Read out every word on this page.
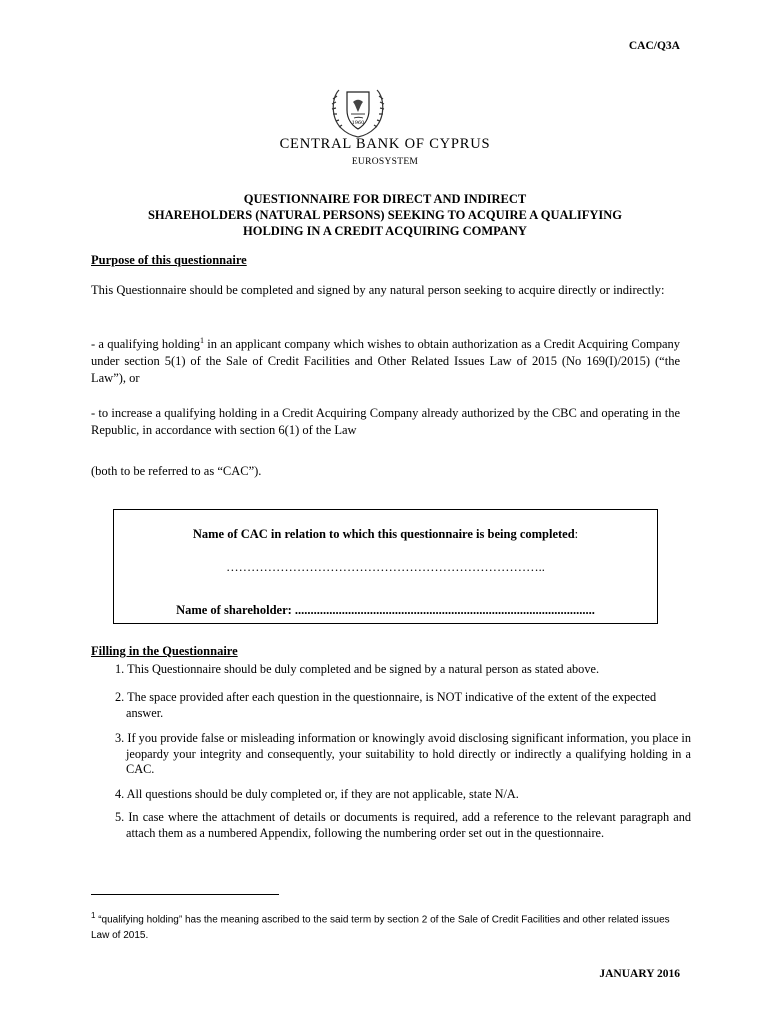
CAC/Q3A
1960
CENTRAL BANK OF CYPRUS
EUROSYSTEM
QUESTIONNAIRE FOR DIRECT AND INDIRECT
SHAREHOLDERS (NATURAL PERSONS) SEEKING TO ACQUIRE A QUALIFYING
HOLDING IN A CREDIT ACQUIRING COMPANY
Purpose of this questionnaire
This Questionnaire should be completed and signed by any natural person seeking to acquire directly or indirectly:
- a qualifying holding$^1$ in an applicant company which wishes to obtain authorization as a Credit Acquiring Company under section 5(1) of the Sale of Credit Facilities and Other Related Issues Law of 2015 (No 169(I)/2015) (“the Law”), or
- to increase a qualifying holding in a Credit Acquiring Company already authorized by the CBC and operating in the Republic, in accordance with section 6(1) of the Law
(both to be referred to as “CAC”).
Name of CAC in relation to which this questionnaire is being completed:
…………………………………………………………………..
Name of shareholder: ................................................................................................
Filling in the Questionnaire
1. This Questionnaire should be duly completed and be signed by a natural person as stated above.
2. The space provided after each question in the questionnaire, is NOT indicative of the extent of the expected answer.
3. If you provide false or misleading information or knowingly avoid disclosing significant information, you place in jeopardy your integrity and consequently, your suitability to hold directly or indirectly a qualifying holding in a CAC.
4. All questions should be duly completed or, if they are not applicable, state N/A.
5. In case where the attachment of details or documents is required, add a reference to the relevant paragraph and attach them as a numbered Appendix, following the numbering order set out in the questionnaire.
$^1$ “qualifying holding” has the meaning ascribed to the said term by section 2 of the Sale of Credit Facilities and other related issues Law of 2015.
JANUARY 2016
